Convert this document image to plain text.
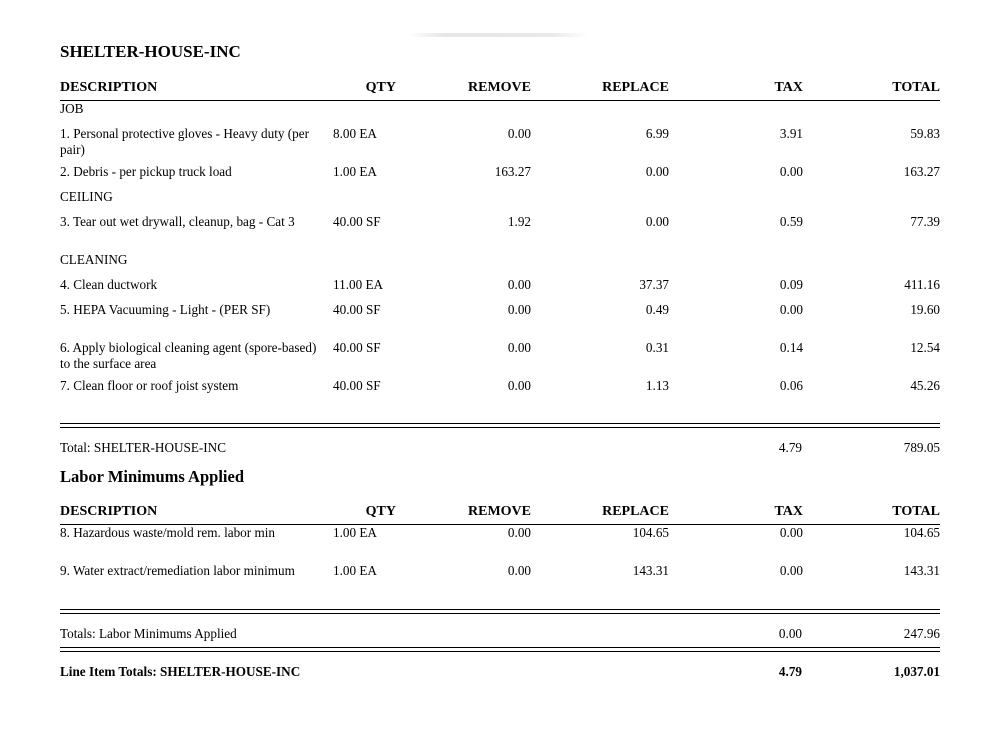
SHELTER-HOUSE-INC
DESCRIPTION	QTY	REMOVE	REPLACE	TAX	TOTAL
JOB					
1. Personal protective gloves - Heavy duty (per pair)	8.00 EA	0.00	6.99	3.91	59.83
2. Debris - per pickup truck load	1.00 EA	163.27	0.00	0.00	163.27
CEILING					
3. Tear out wet drywall, cleanup, bag - Cat 3	40.00 SF	1.92	0.00	0.59	77.39
CLEANING					
4. Clean ductwork	11.00 EA	0.00	37.37	0.09	411.16
5. HEPA Vacuuming - Light - (PER SF)	40.00 SF	0.00	0.49	0.00	19.60
6. Apply biological cleaning agent (spore-based) to the surface area	40.00 SF	0.00	0.31	0.14	12.54
7. Clean floor or roof joist system	40.00 SF	0.00	1.13	0.06	45.26
Total: SHELTER-HOUSE-INC	4.79	789.05
Labor Minimums Applied
DESCRIPTION	QTY	REMOVE	REPLACE	TAX	TOTAL
8. Hazardous waste/mold rem. labor min	1.00 EA	0.00	104.65	0.00	104.65
9. Water extract/remediation labor minimum	1.00 EA	0.00	143.31	0.00	143.31
Totals: Labor Minimums Applied	0.00	247.96
Line Item Totals: SHELTER-HOUSE-INC	4.79	1,037.01
